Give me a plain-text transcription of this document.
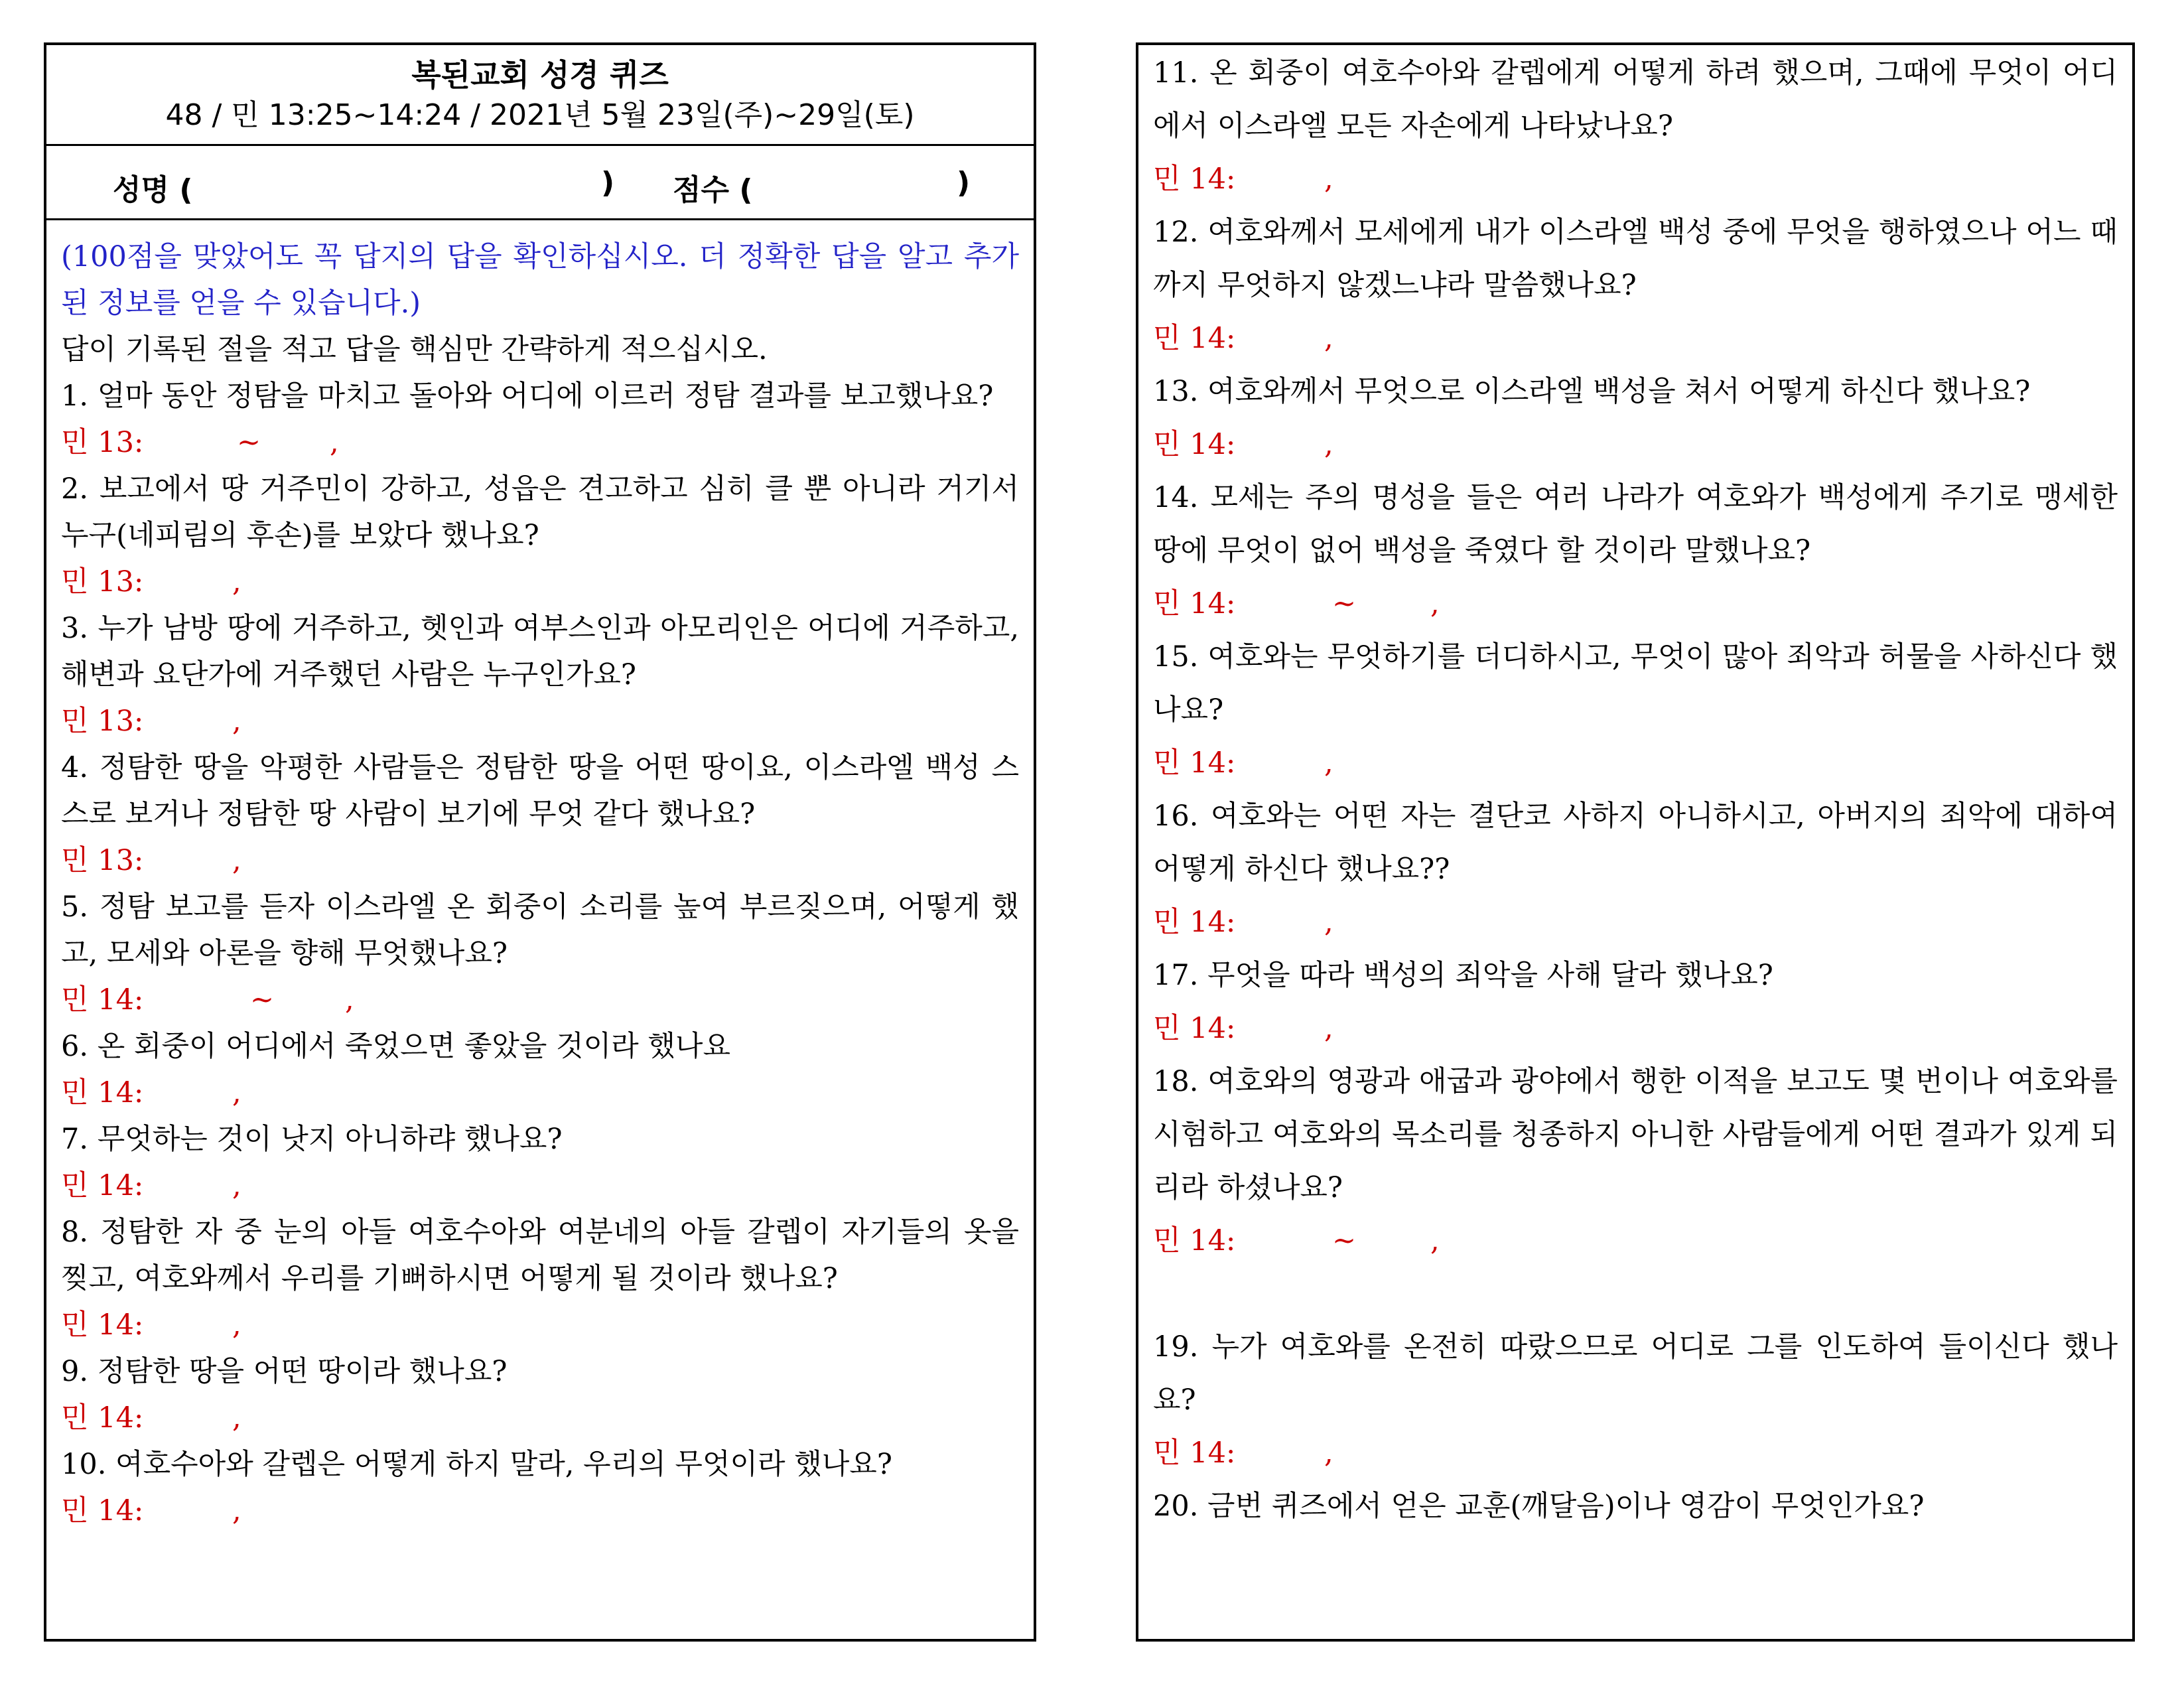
복된교회 성경 퀴즈
48 / 민 13:25~14:24 / 2021년 5월 23일(주)~29일(토)
성명 (	) 점수 (	)
(100점을 맞았어도 꼭 답지의 답을 확인하십시오. 더 정확한 답을 알고 추가된 정보를 얻을 수 있습니다.)
답이 기록된 절을 적고 답을 핵심만 간략하게 적으십시오.
1. 얼마 동안 정탐을 마치고 돌아와 어디에 이르러 정탐 결과를 보고했나요?
민 13:	~ ,
2. 보고에서 땅 거주민이 강하고, 성읍은 견고하고 심히 클 뿐 아니라 거기서 누구(네피림의 후손)를 보았다 했나요?
민 13:	,
3. 누가 남방 땅에 거주하고, 헷인과 여부스인과 아모리인은 어디에 거주하고, 해변과 요단가에 거주했던 사람은 누구인가요?
민 13:	,
4. 정탐한 땅을 악평한 사람들은 정탐한 땅을 어떤 땅이요, 이스라엘 백성 스스로 보거나 정탐한 땅 사람이 보기에 무엇 같다 했나요?
민 13:	,
5. 정탐 보고를 듣자 이스라엘 온 회중이 소리를 높여 부르짖으며, 어떻게 했고, 모세와 아론을 향해 무엇했나요?
민 14:	~ ,
6. 온 회중이 어디에서 죽었으면 좋았을 것이라 했나요
민 14:	,
7. 무엇하는 것이 낫지 아니하랴 했나요?
민 14:	,
8. 정탐한 자 중 눈의 아들 여호수아와 여분네의 아들 갈렙이 자기들의 옷을 찢고, 여호와께서 우리를 기뻐하시면 어떻게 될 것이라 했나요?
민 14:	,
9. 정탐한 땅을 어떤 땅이라 했나요?
민 14:	,
10. 여호수아와 갈렙은 어떻게 하지 말라, 우리의 무엇이라 했나요?
민 14:	,
11. 온 회중이 여호수아와 갈렙에게 어떻게 하려 했으며, 그때에 무엇이 어디에서 이스라엘 모든 자손에게 나타났나요?
민 14:	,
12. 여호와께서 모세에게 내가 이스라엘 백성 중에 무엇을 행하였으나 어느 때까지 무엇하지 않겠느냐라 말씀했나요?
민 14:	,
13. 여호와께서 무엇으로 이스라엘 백성을 쳐서 어떻게 하신다 했나요?
민 14:	,
14. 모세는 주의 명성을 들은 여러 나라가 여호와가 백성에게 주기로 맹세한 땅에 무엇이 없어 백성을 죽였다 할 것이라 말했나요?
민 14:	~	,
15. 여호와는 무엇하기를 더디하시고, 무엇이 많아 죄악과 허물을 사하신다 했나요?
민 14:	,
16. 여호와는 어떤 자는 결단코 사하지 아니하시고, 아버지의 죄악에 대하여 어떻게 하신다 했나요??
민 14:	,
17. 무엇을 따라 백성의 죄악을 사해 달라 했나요?
민 14:	,
18. 여호와의 영광과 애굽과 광야에서 행한 이적을 보고도 몇 번이나 여호와를 시험하고 여호와의 목소리를 청종하지 아니한 사람들에게 어떤 결과가 있게 되리라 하셨나요?
민 14:	~	,
19. 누가 여호와를 온전히 따랐으므로 어디로 그를 인도하여 들이신다 했나요?
민 14:	,
20. 금번 퀴즈에서 얻은 교훈(깨달음)이나 영감이 무엇인가요?
